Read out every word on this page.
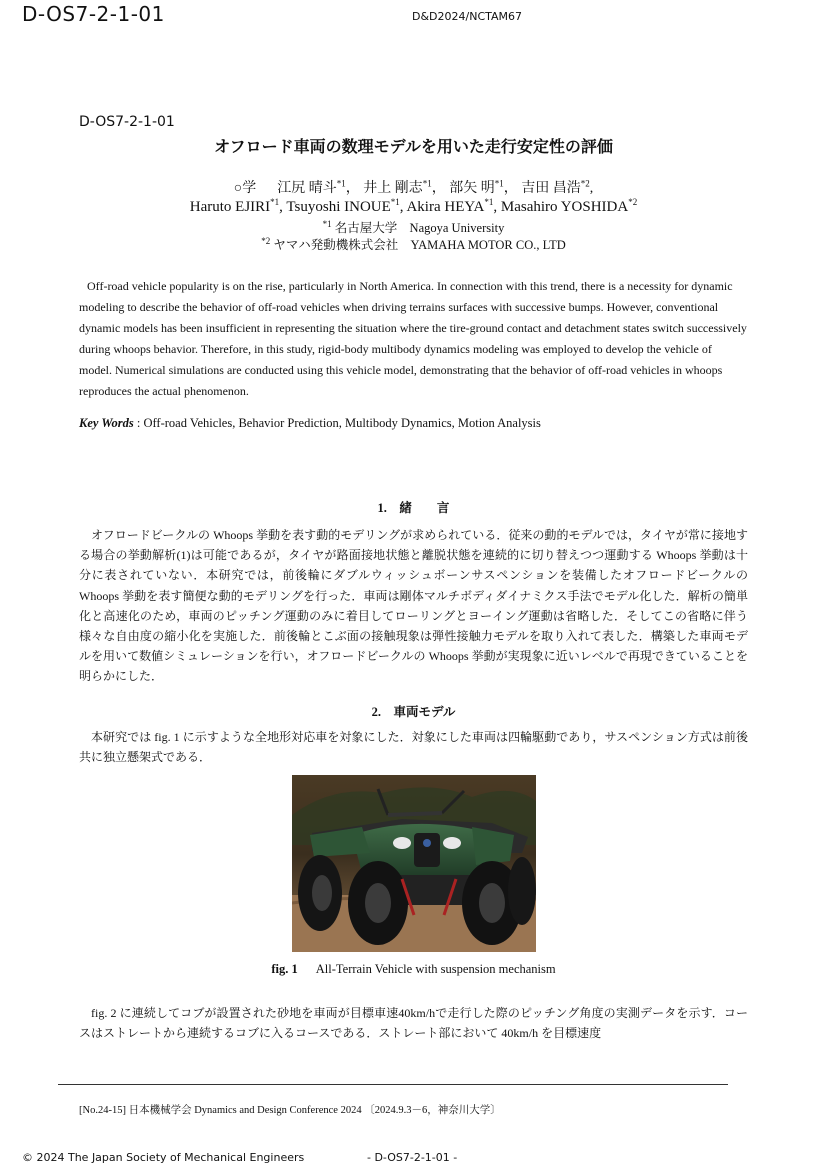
D-OS7-2-1-01	D&D2024/NCTAM67
D-OS7-2-1-01
オフロード車両の数理モデルを用いた走行安定性の評価
○学 江尻 晴斗$^{*1}$， 井上 剛志$^{*1}$， 部矢 明$^{*1}$， 吉田 昌浩$^{*2}$,
Haruto EJIRI$^{*1}$, Tsuyoshi INOUE$^{*1}$, Akira HEYA$^{*1}$, Masahiro YOSHIDA$^{*2}$
$^{*1}$ 名古屋大学 Nagoya University
$^{*2}$ ヤマハ発動機株式会社 YAMAHA MOTOR CO., LTD
Off-road vehicle popularity is on the rise, particularly in North America. In connection with this trend, there is a necessity for dynamic modeling to describe the behavior of off-road vehicles when driving terrains surfaces with successive bumps. However, conventional dynamic models has been insufficient in representing the situation where the tire-ground contact and detachment states switch successively during whoops behavior. Therefore, in this study, rigid-body multibody dynamics modeling was employed to develop the vehicle of model. Numerical simulations are conducted using this vehicle model, demonstrating that the behavior of off-road vehicles in whoops reproduces the actual phenomenon.
Key Words : Off-road Vehicles, Behavior Prediction, Multibody Dynamics, Motion Analysis
1.　緒　　言
オフロードビークルの Whoops 挙動を表す動的モデリングが求められている．従来の動的モデルでは，タイヤが常に接地する場合の挙動解析(1)は可能であるが，タイヤが路面接地状態と離脱状態を連続的に切り替えつつ運動する Whoops 挙動は十分に表されていない．本研究では，前後輪にダブルウィッシュボーンサスペンションを装備したオフロードビークルの Whoops 挙動を表す簡便な動的モデリングを行った．車両は剛体マルチボディダイナミクス手法でモデル化した．解析の簡単化と高速化のため，車両のピッチング運動のみに着目してローリングとヨーイング運動は省略した．そしてこの省略に伴う様々な自由度の縮小化を実施した．前後輪とこぶ面の接触現象は弾性接触力モデルを取り入れて表した．構築した車両モデルを用いて数値シミュレーションを行い，オフロードビークルの Whoops 挙動が実現象に近いレベルで再現できていることを明らかにした．
2.　車両モデル
本研究では fig. 1 に示すような全地形対応車を対象にした．対象にした車両は四輪駆動であり，サスペンション方式は前後共に独立懸架式である．
fig. 1 All-Terrain Vehicle with suspension mechanism
fig. 2 に連続してコブが設置された砂地を車両が目標車速40km/hで走行した際のピッチング角度の実測データを示す．コースはストレートから連続するコブに入るコースである．ストレート部において 40km/h を目標速度
[No.24-15] 日本機械学会 Dynamics and Design Conference 2024 〔2024.9.3－6，神奈川大学〕
© 2024 The Japan Society of Mechanical Engineers	- D-OS7-2-1-01 -
